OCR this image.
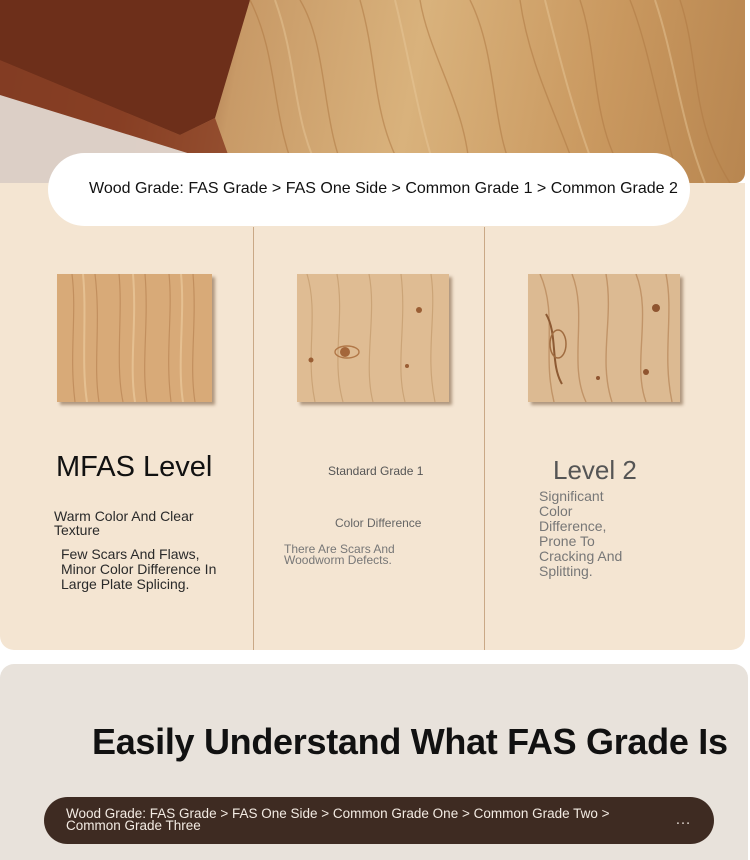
Wood Grade: FAS Grade > FAS One Side > Common Grade 1 > Common Grade 2
MFAS Level
Warm Color And Clear Texture
Few Scars And Flaws, Minor Color Difference In Large Plate Splicing.
Standard Grade 1
Color Difference
There Are Scars And Woodworm Defects.
Level 2
Significant Color Difference, Prone To Cracking And Splitting.
Easily Understand What FAS Grade Is
Wood Grade: FAS Grade > FAS One Side > Common Grade One > Common Grade Two > Common Grade Three	…
